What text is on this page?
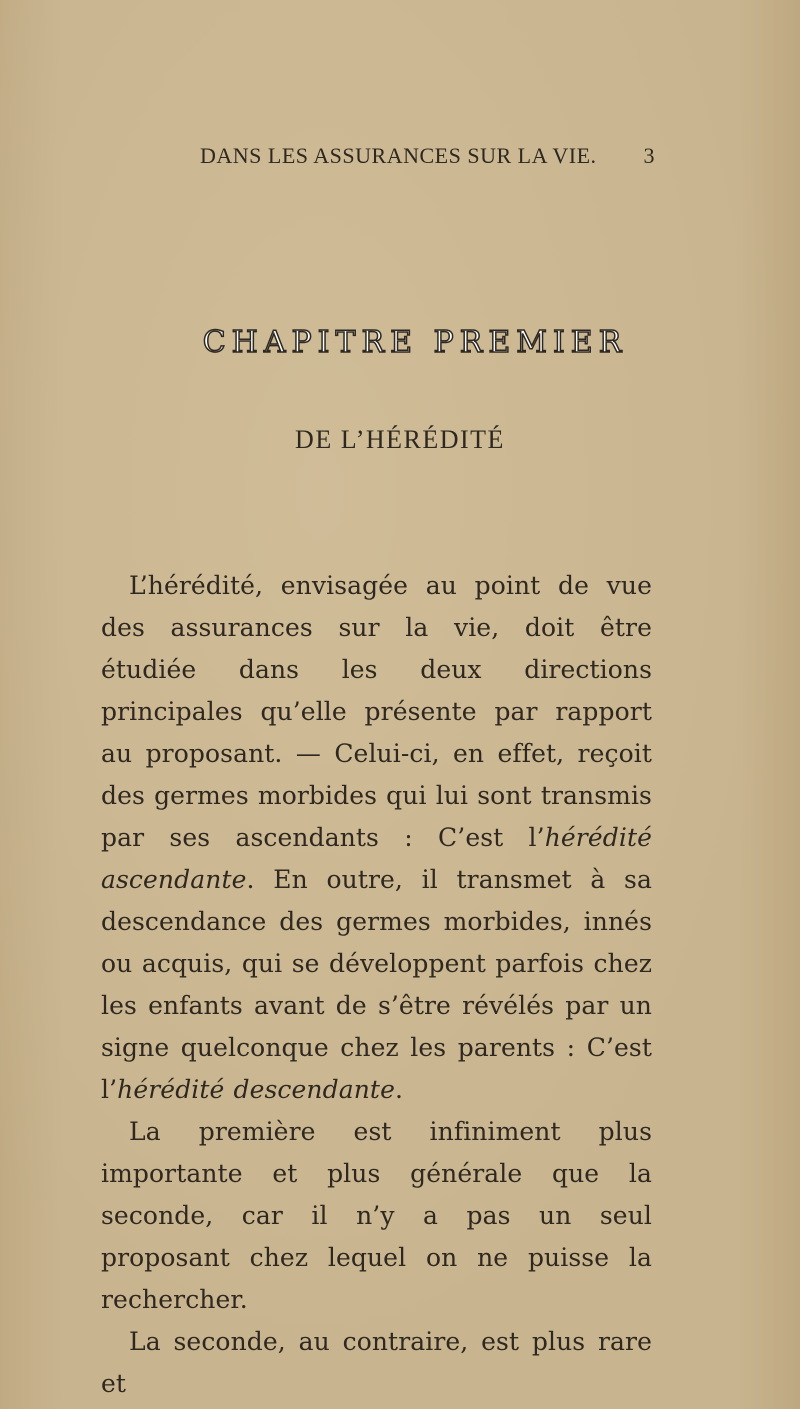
DANS LES ASSURANCES SUR LA VIE. 3
CHAPITRE PREMIER
DE L’HÉRÉDITÉ

L’hérédité, envisagée au point de vue des assurances sur la vie, doit être étudiée dans les deux directions principales qu’elle présente par rapport au proposant. — Celui-ci, en effet, reçoit des germes morbides qui lui sont transmis par ses ascendants : C’est l’hérédité ascendante. En outre, il transmet à sa descendance des germes morbides, innés ou acquis, qui se développent parfois chez les enfants avant de s’être révélés par un signe quelconque chez les parents : C’est l’hérédité descendante.

La première est infiniment plus importante et plus générale que la seconde, car il n’y a pas un seul proposant chez lequel on ne puisse la rechercher.

La seconde, au contraire, est plus rare et
